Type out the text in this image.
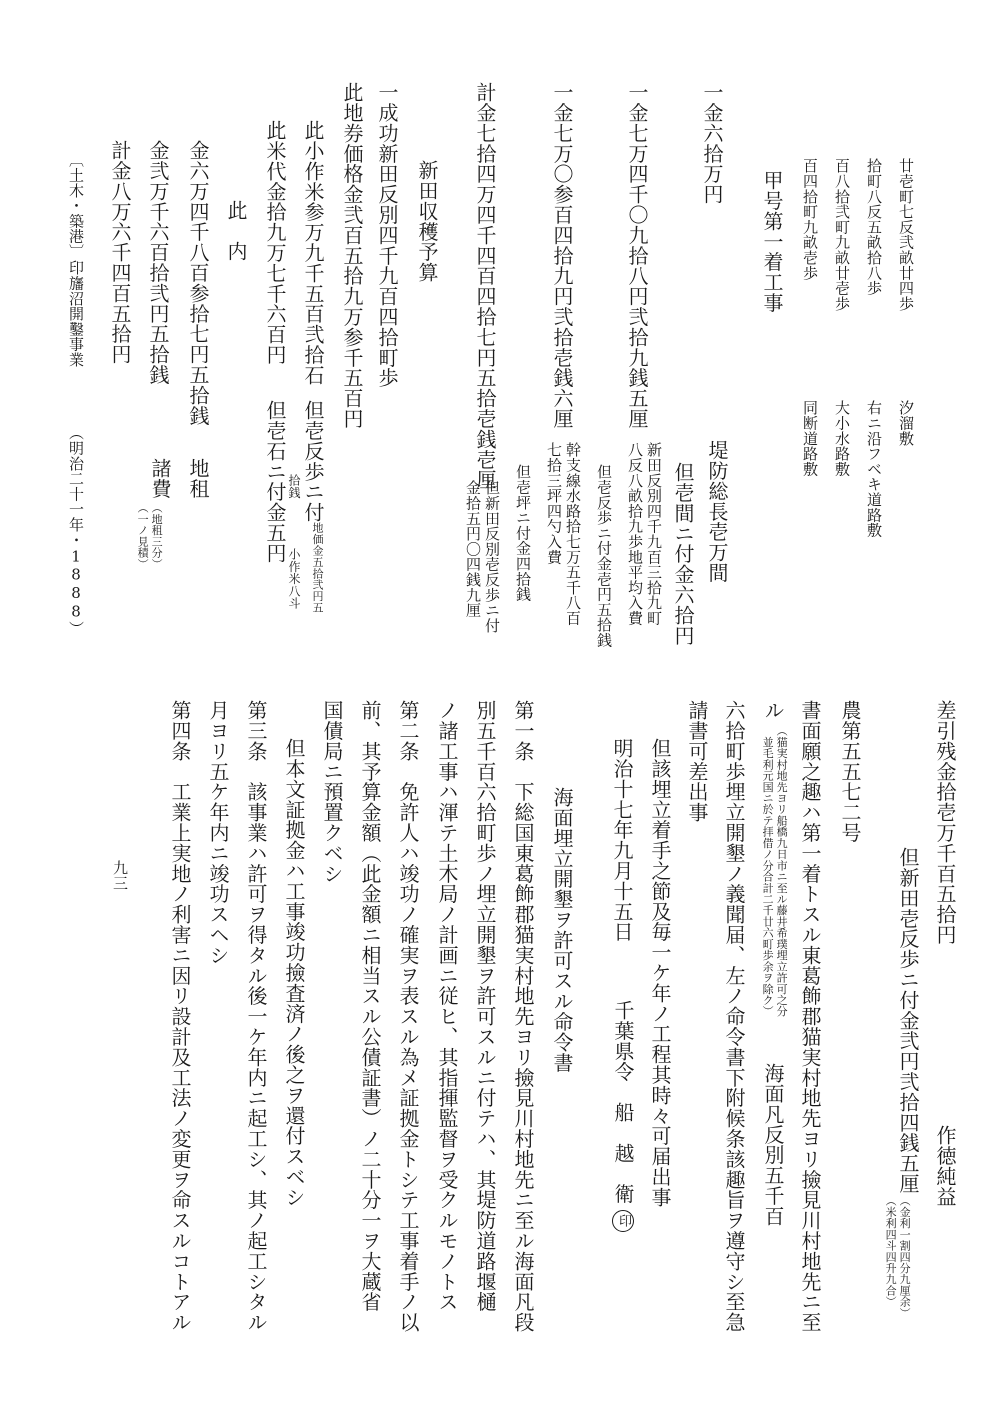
廿壱町七反弐畝廿四歩
汐溜敷
拾町八反五畝拾八歩
右ニ沿フベキ道路敷
百八拾弐町九畝廿壱歩
大小水路敷
百四拾町九畝壱歩
同断道路敷
甲号第一着工事
一金六拾万円
堤防総長壱万間
但壱間ニ付金六拾円
一金七万四千〇九拾八円弐拾九銭五厘
新田反別四千九百三拾九町
八反八畝拾九歩地平均入費
但壱反歩ニ付金壱円五拾銭
一金七万〇参百四拾九円弐拾壱銭六厘
幹支線水路拾七万五千八百
七拾三坪四勺入費
但壱坪ニ付金四拾銭
計金七拾四万四千四百四拾七円五拾壱銭壱厘
但新田反別壱反歩ニ付
金拾五円〇四銭九厘
新田収穫予算
一成功新田反別四千九百四拾町歩
此地券価格金弐百五拾九万参千五百円
此小作米参万九千五百弐拾石
但壱反歩ニ付地価金五拾弐円五
拾銭
小作米八斗
此米代金拾九万七千六百円
但壱石ニ付金五円
此　内
金六万四千八百参拾七円五拾銭
地租
金弐万千六百拾弐円五拾銭
諸費
（地租三分）
（一ノ見積）
計金八万六千四百五拾円
〔土木・築港〕
印旛沼開鑿事業
（明治二十一年・1888）
差引残金拾壱万千百五拾円
作徳純益
但新田壱反歩ニ付金弐円弐拾四銭五厘
（金利一割四分九厘余）
（米利四斗四升九合）
農第五五七二号
書面願之趣ハ第一着トスル東葛飾郡猫実村地先ヨリ撿見川村地先ニ至
ル
（猫実村地先ヨリ船橋九日市ニ至ル藤井希璞埋立許可之分
　並毛利元国ニ於テ拝借ノ分合計二千廿六町歩余ヲ除ク）
海面凡反別五千百
六拾町歩埋立開墾ノ義聞届、左ノ命令書下附候条該趣旨ヲ遵守シ至急
請書可差出事
但該埋立着手之節及毎一ケ年ノ工程其時々可届出事
明治十七年九月十五日
千葉県令　船　越　衛印
海面埋立開墾ヲ許可スル命令書
第一条　下総国東葛飾郡猫実村地先ヨリ撿見川村地先ニ至ル海面凡段
別五千百六拾町歩ノ埋立開墾ヲ許可スルニ付テハ、其堤防道路堰樋
ノ諸工事ハ渾テ土木局ノ計画ニ従ヒ、其指揮監督ヲ受クルモノトス
第二条　免許人ハ竣功ノ確実ヲ表スル為メ証拠金トシテ工事着手ノ以
前、其予算金額（此金額ニ相当スル公債証書）ノ二十分一ヲ大蔵省
国債局ニ預置クベシ
但本文証拠金ハ工事竣功撿査済ノ後之ヲ還付スベシ
第三条　該事業ハ許可ヲ得タル後一ケ年内ニ起工シ、其ノ起工シタル
月ヨリ五ケ年内ニ竣功スヘシ
第四条　工業上実地ノ利害ニ因リ設計及工法ノ変更ヲ命スルコトアル
九三
